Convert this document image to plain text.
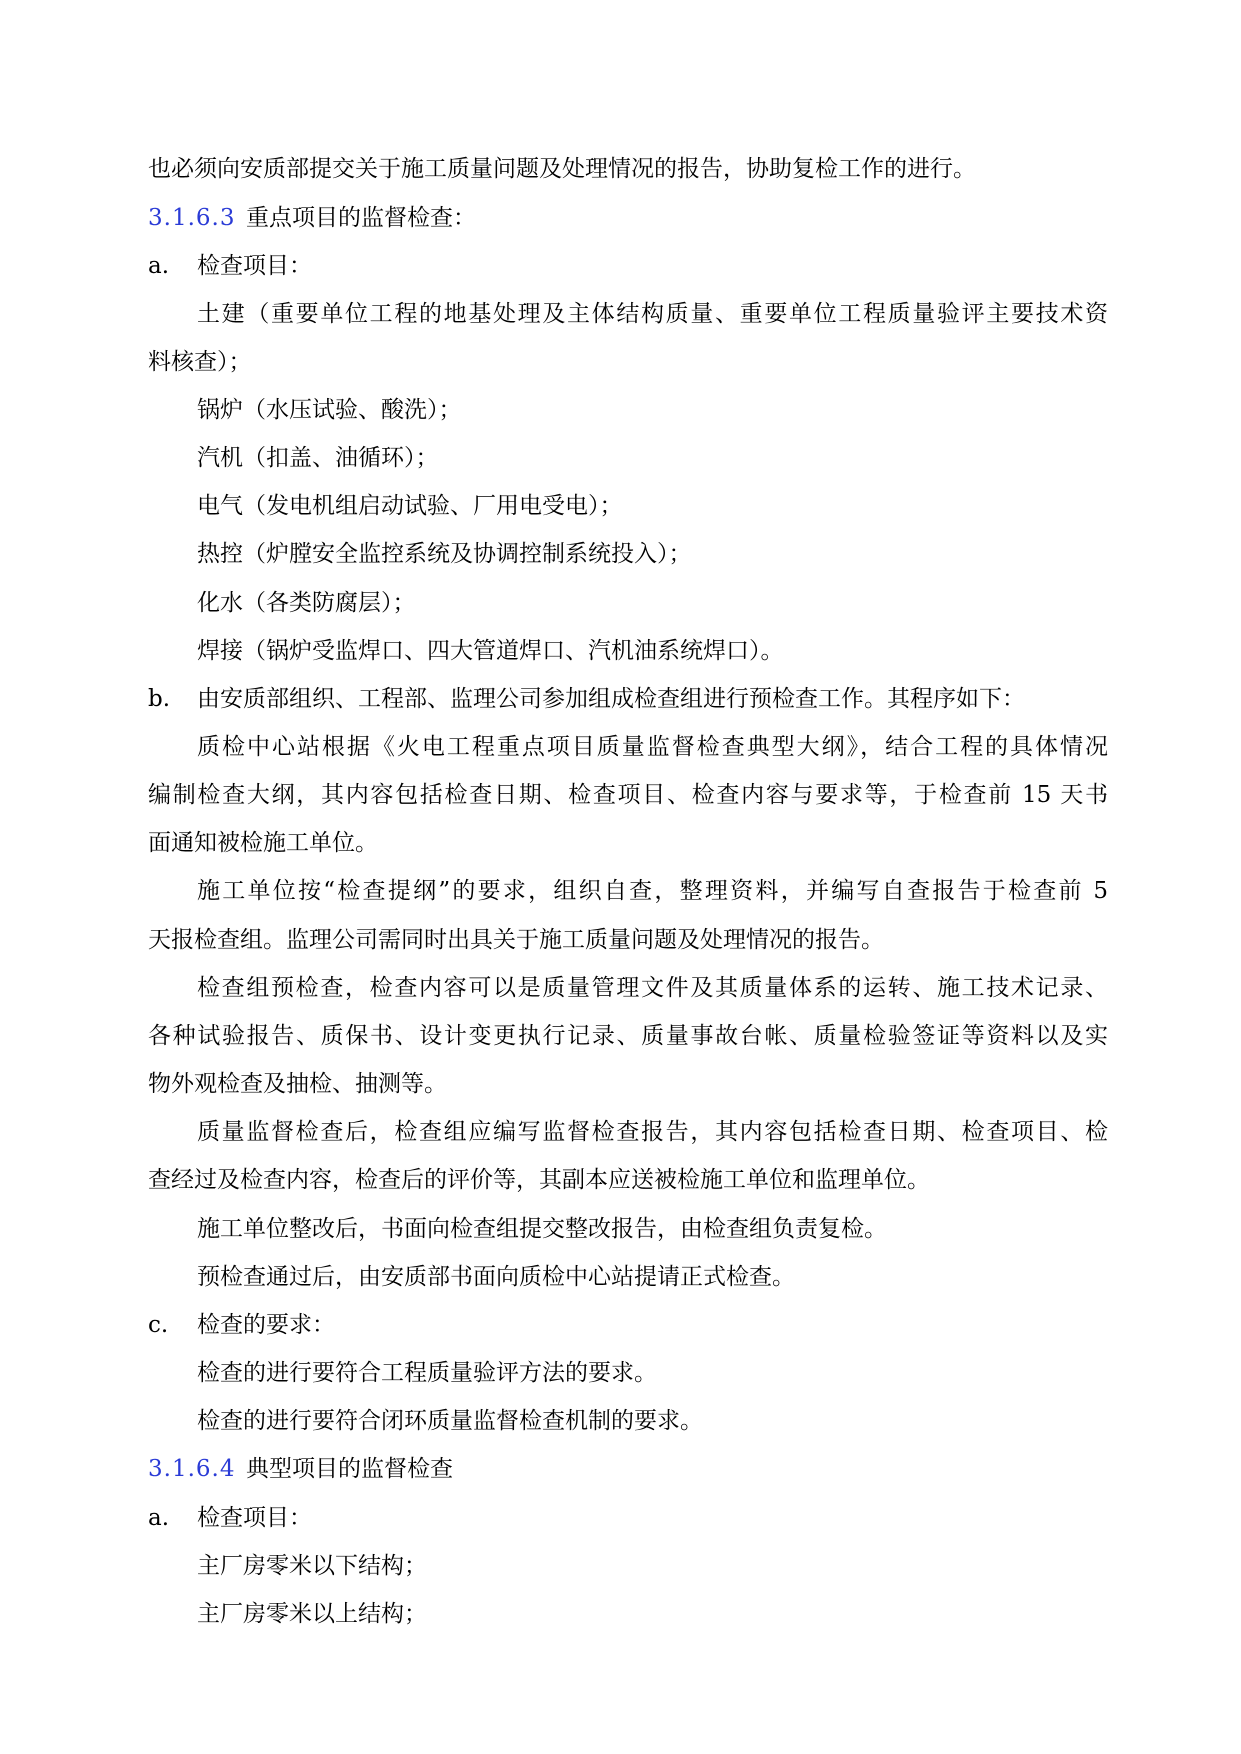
也必须向安质部提交关于施工质量问题及处理情况的报告，协助复检工作的进行。
3.1.6.3 重点项目的监督检查：
a. 检查项目：
土建（重要单位工程的地基处理及主体结构质量、重要单位工程质量验评主要技术资
料核查）；
锅炉（水压试验、酸洗）；
汽机（扣盖、油循环）；
电气（发电机组启动试验、厂用电受电）；
热控（炉膛安全监控系统及协调控制系统投入）；
化水（各类防腐层）；
焊接（锅炉受监焊口、四大管道焊口、汽机油系统焊口）。
b. 由安质部组织、工程部、监理公司参加组成检查组进行预检查工作。其程序如下：
质检中心站根据《火电工程重点项目质量监督检查典型大纲》，结合工程的具体情况
编制检查大纲，其内容包括检查日期、检查项目、检查内容与要求等，于检查前 15 天书
面通知被检施工单位。
施工单位按“检查提纲”的要求，组织自查，整理资料，并编写自查报告于检查前 5
天报检查组。监理公司需同时出具关于施工质量问题及处理情况的报告。
检查组预检查，检查内容可以是质量管理文件及其质量体系的运转、施工技术记录、
各种试验报告、质保书、设计变更执行记录、质量事故台帐、质量检验签证等资料以及实
物外观检查及抽检、抽测等。
质量监督检查后，检查组应编写监督检查报告，其内容包括检查日期、检查项目、检
查经过及检查内容，检查后的评价等，其副本应送被检施工单位和监理单位。
施工单位整改后，书面向检查组提交整改报告，由检查组负责复检。
预检查通过后，由安质部书面向质检中心站提请正式检查。
c. 检查的要求：
检查的进行要符合工程质量验评方法的要求。
检查的进行要符合闭环质量监督检查机制的要求。
3.1.6.4 典型项目的监督检查
a. 检查项目：
主厂房零米以下结构；
主厂房零米以上结构；
